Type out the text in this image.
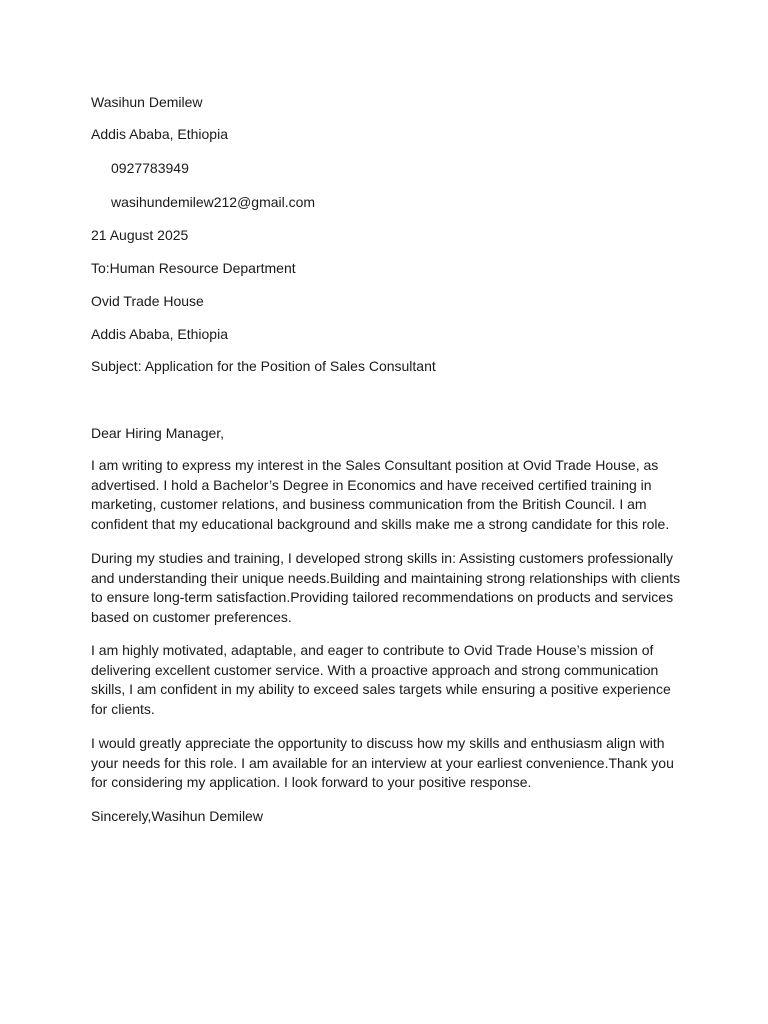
Wasihun Demilew
Addis Ababa, Ethiopia
0927783949
wasihundemilew212@gmail.com
21 August 2025
To:Human Resource Department
Ovid Trade House
Addis Ababa, Ethiopia
Subject: Application for the Position of Sales Consultant
Dear Hiring Manager,
I am writing to express my interest in the Sales Consultant position at Ovid Trade House, as advertised. I hold a Bachelor’s Degree in Economics and have received certified training in marketing, customer relations, and business communication from the British Council. I am confident that my educational background and skills make me a strong candidate for this role.
During my studies and training, I developed strong skills in: Assisting customers professionally and understanding their unique needs.Building and maintaining strong relationships with clients to ensure long-term satisfaction.Providing tailored recommendations on products and services based on customer preferences.
I am highly motivated, adaptable, and eager to contribute to Ovid Trade House’s mission of delivering excellent customer service. With a proactive approach and strong communication skills, I am confident in my ability to exceed sales targets while ensuring a positive experience for clients.
I would greatly appreciate the opportunity to discuss how my skills and enthusiasm align with your needs for this role. I am available for an interview at your earliest convenience.Thank you for considering my application. I look forward to your positive response.
Sincerely,Wasihun Demilew
